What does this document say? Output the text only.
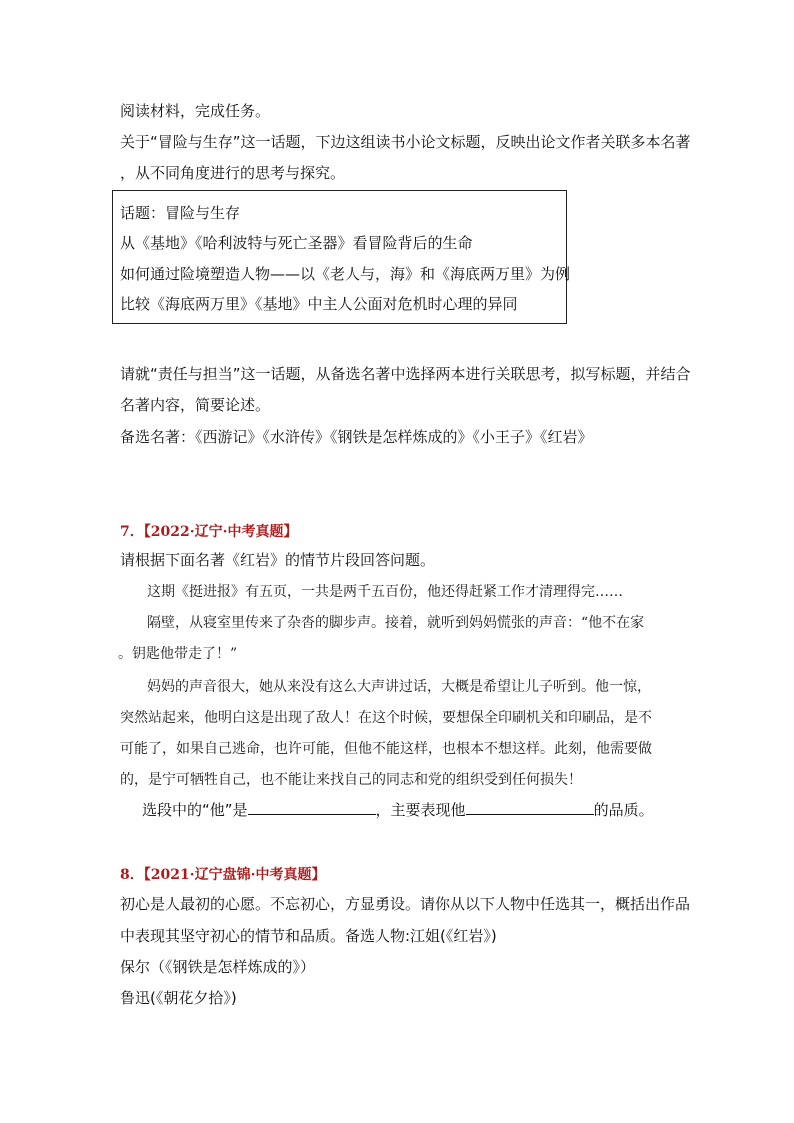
阅读材料，完成任务。
关于“冒险与生存”这一话题，下边这组读书小论文标题，反映出论文作者关联多本名著
，从不同角度进行的思考与探究。
话题：冒险与生存
从《基地》《哈利波特与死亡圣器》看冒险背后的生命
如何通过险境塑造人物——以《老人与，海》和《海底两万里》为例
比较《海底两万里》《基地》中主人公面对危机时心理的异同
请就“责任与担当”这一话题，从备选名著中选择两本进行关联思考，拟写标题，并结合
名著内容，简要论述。
备选名著：《西游记》《水浒传》《钢铁是怎样炼成的》《小王子》《红岩》
7．【2022·辽宁·中考真题】
请根据下面名著《红岩》的情节片段回答问题。
这期《挺进报》有五页，一共是两千五百份，他还得赶紧工作才清理得完……
隔壁，从寝室里传来了杂沓的脚步声。接着，就听到妈妈慌张的声音：“他不在家
。钥匙他带走了！”
妈妈的声音很大，她从来没有这么大声讲过话，大概是希望让儿子听到。他一惊，
突然站起来，他明白这是出现了敌人！在这个时候，要想保全印刷机关和印刷品，是不
可能了，如果自己逃命，也许可能，但他不能这样，也根本不想这样。此刻，他需要做
的，是宁可牺牲自己，也不能让来找自己的同志和党的组织受到任何损失！
选段中的“他”是	，主要表现他	的品质。
8．【2021·辽宁盘锦·中考真题】
初心是人最初的心愿。不忘初心，方显勇设。请你从以下人物中任选其一，概括出作品
中表现其坚守初心的情节和品质。备选人物:江姐(《红岩》)
保尔（《钢铁是怎样炼成的》）
鲁迅(《朝花夕拾》)
